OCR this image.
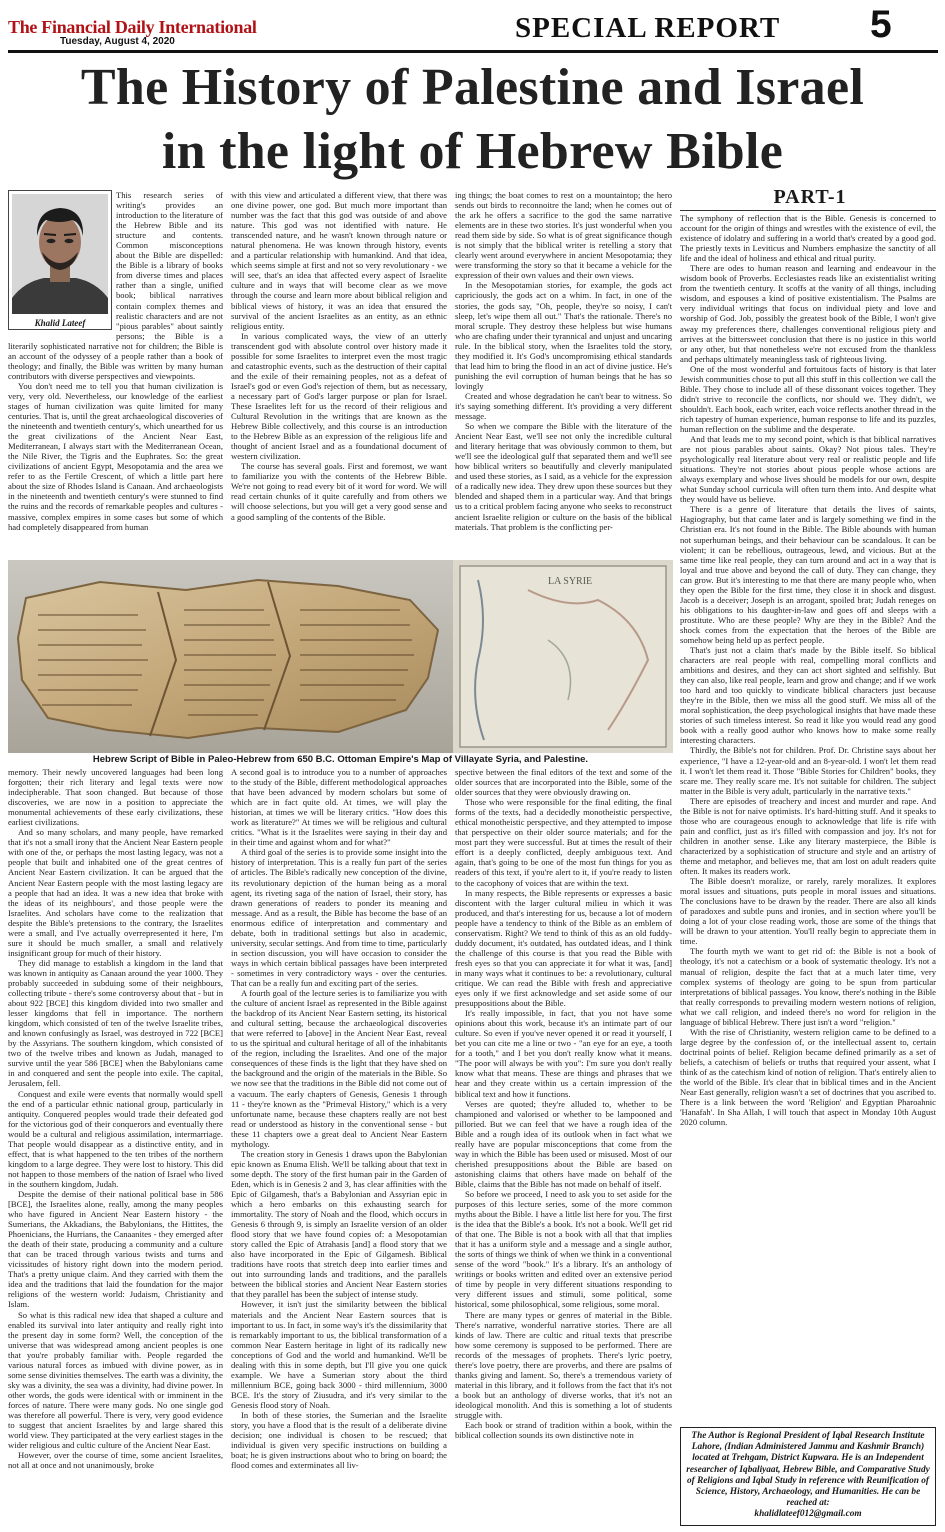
The Financial Daily International
Tuesday, August 4, 2020	SPECIAL REPORT 5
The History of Palestine and Israel
in the light of Hebrew Bible
Khalid Lateef

This research series of writing's provides an introduction to the literature of the Hebrew Bible and its structure and contents. Common misconceptions about the Bible are dispelled: the Bible is a library of books from diverse times and places rather than a single, unified book; biblical narratives contain complex themes and realistic characters and are not "pious parables" about saintly persons; the Bible is a literarily sophisticated narrative not for children; the Bible is an account of the odyssey of a people rather than a book of theology; and finally, the Bible was written by many human contributors with diverse perspectives and viewpoints.

You don't need me to tell you that human civilization is very, very old. Nevertheless, our knowledge of the earliest stages of human civilization was quite limited for many centuries. That is, until the great archaeological discoveries of the nineteenth and twentieth century's, which unearthed for us the great civilizations of the Ancient Near East, Mediterranean, I always start with the Mediterranean Ocean, the Nile River, the Tigris and the Euphrates. So: the great civilizations of ancient Egypt, Mesopotamia and the area we refer to as the Fertile Crescent, of which a little part here about the size of Rhodes Island is Canaan. And archaeologists in the nineteenth and twentieth century's were stunned to find the ruins and the records of remarkable peoples and cultures - massive, complex empires in some cases but some of which had completely disappeared from human

with this view and articulated a different view, that there was one divine power, one god. But much more important than number was the fact that this god was outside of and above nature. This god was not identified with nature. He transcended nature, and he wasn't known through nature or natural phenomena. He was known through history, events and a particular relationship with humankind. And that idea, which seems simple at first and not so very revolutionary - we will see, that's an idea that affected every aspect of Israelite culture and in ways that will become clear as we move through the course and learn more about biblical religion and biblical views of history, it was an idea that ensured the survival of the ancient Israelites as an entity, as an ethnic religious entity.

In various complicated ways, the view of an utterly transcendent god with absolute control over history made it possible for some Israelites to interpret even the most tragic and catastrophic events, such as the destruction of their capital and the exile of their remaining peoples, not as a defeat of Israel's god or even God's rejection of them, but as necessary, a necessary part of God's larger purpose or plan for Israel. These Israelites left for us the record of their religious and Cultural Revolution in the writings that are known as the Hebrew Bible collectively, and this course is an introduction to the Hebrew Bible as an expression of the religious life and thought of ancient Israel and as a foundational document of western civilization.

The course has several goals. First and foremost, we want to familiarize you with the contents of the Hebrew Bible. We're not going to read every bit of it word for word. We will read certain chunks of it quite carefully and from others we will choose selections, but you will get a very good sense and a good sampling of the contents of the Bible.

ing things; the boat comes to rest on a mountaintop; the hero sends out birds to reconnoitre the land; when he comes out of the ark he offers a sacrifice to the god the same narrative elements are in these two stories. It's just wonderful when you read them side by side. So what is of great significance though is not simply that the biblical writer is retelling a story that clearly went around everywhere in ancient Mesopotamia; they were transforming the story so that it became a vehicle for the expression of their own values and their own views.

In the Mesopotamian stories, for example, the gods act capriciously, the gods act on a whim. In fact, in one of the stories, the gods say, "Oh, people, they're so noisy, I can't sleep, let's wipe them all out." That's the rationale. There's no moral scruple. They destroy these helpless but wise humans who are chafing under their tyrannical and unjust and uncaring rule. In the biblical story, when the Israelites told the story, they modified it. It's God's uncompromising ethical standards that lead him to bring the flood in an act of divine justice. He's punishing the evil corruption of human beings that he has so lovingly

Created and whose degradation he can't bear to witness. So it's saying something different. It's providing a very different message.

So when we compare the Bible with the literature of the Ancient Near East, we'll see not only the incredible cultural and literary heritage that was obviously common to them, but we'll see the ideological gulf that separated them and we'll see how biblical writers so beautifully and cleverly manipulated and used these stories, as I said, as a vehicle for the expression of a radically new idea. They drew upon these sources but they blended and shaped them in a particular way. And that brings us to a critical problem facing anyone who seeks to reconstruct ancient Israelite religion or culture on the basis of the biblical materials. That problem is the conflicting per-

PART-1

The symphony of reflection that is the Bible. Genesis is concerned to account for the origin of things and wrestles with the existence of evil, the existence of idolatry and suffering in a world that's created by a good god. The priestly texts in Leviticus and Numbers emphasize the sanctity of all life and the ideal of holiness and ethical and ritual purity.

There are odes to human reason and learning and endeavour in the wisdom book of Proverbs. Ecclesiastes reads like an existentialist writing from the twentieth century. It scoffs at the vanity of all things, including wisdom, and espouses a kind of positive existentialism. The Psalms are very individual writings that focus on individual piety and love and worship of God. Job, possibly the greatest book of the Bible, I won't give away my preferences there, challenges conventional religious piety and arrives at the bittersweet conclusion that there is no justice in this world or any other, but that nonetheless we're not excused from the thankless and perhaps ultimately meaningless task of righteous living.

One of the most wonderful and fortuitous facts of history is that later Jewish communities chose to put all this stuff in this collection we call the Bible. They chose to include all of these dissonant voices together. They didn't strive to reconcile the conflicts, nor should we. They didn't, we shouldn't. Each book, each writer, each voice reflects another thread in the rich tapestry of human experience, human response to life and its puzzles, human reflection on the sublime and the desperate.

And that leads me to my second point, which is that biblical narratives are not pious parables about saints. Okay? Not pious tales. They're psychologically real literature about very real or realistic people and life situations. They're not stories about pious people whose actions are always exemplary and whose lives should be models for our own, despite what Sunday school curricula will often turn them into. And despite what they would have us believe.

There is a genre of literature that details the lives of saints, Hagiography, but that came later and is largely something we find in the Christian era. It's not found in the Bible. The Bible abounds with human not superhuman beings, and their behaviour can be scandalous. It can be violent; it can be rebellious, outrageous, lewd, and vicious. But at the same time like real people, they can turn around and act in a way that is loyal and true above and beyond the call of duty. They can change, they can grow. But it's interesting to me that there are many people who, when they open the Bible for the first time, they close it in shock and disgust. Jacob is a deceiver; Joseph is an arrogant, spoiled brat; Judah reneges on his obligations to his daughter-in-law and goes off and sleeps with a prostitute. Who are these people? Why are they in the Bible? And the shock comes from the expectation that the heroes of the Bible are somehow being held up as perfect people.

That's just not a claim that's made by the Bible itself. So biblical characters are real people with real, compelling moral conflicts and ambitions and desires, and they can act short sighted and selfishly. But they can also, like real people, learn and grow and change; and if we work too hard and too quickly to vindicate biblical characters just because they're in the Bible, then we miss all the good stuff. We miss all of the moral sophistication, the deep psychological insights that have made these stories of such timeless interest. So read it like you would read any good book with a really good author who knows how to make some really interesting characters.

Thirdly, the Bible's not for children. Prof. Dr. Christine says about her experience, "I have a 12-year-old and an 8-year-old. I won't let them read it. I won't let them read it. Those "Bible Stories for Children" books, they scare me. They really scare me. It's not suitable for children. The subject matter in the Bible is very adult, particularly in the narrative texts."

There are episodes of treachery and incest and murder and rape. And the Bible is not for naive optimists. It's hard-hitting stuff. And it speaks to those who are courageous enough to acknowledge that life is rife with pain and conflict, just as it's filled with compassion and joy. It's not for children in another sense. Like any literary masterpiece, the Bible is characterized by a sophistication of structure and style and an artistry of theme and metaphor, and believes me, that am lost on adult readers quite often. It makes its readers work.

The Bible doesn't moralize, or rarely, rarely moralizes. It explores moral issues and situations, puts people in moral issues and situations. The conclusions have to be drawn by the reader. There are also all kinds of paradoxes and subtle puns and ironies, and in section where you'll be doing a lot of your close reading work, those are some of the things that will be drawn to your attention. You'll really begin to appreciate them in time.

The fourth myth we want to get rid of: the Bible is not a book of theology, it's not a catechism or a book of systematic theology. It's not a manual of religion, despite the fact that at a much later time, very complex systems of theology are going to be spun from particular interpretations of biblical passages. You know, there's nothing in the Bible that really corresponds to prevailing modern western notions of religion, what we call religion, and indeed there's no word for religion in the language of biblical Hebrew. There just isn't a word "religion."

With the rise of Christianity, western religion came to be defined to a large degree by the confession of, or the intellectual assent to, certain doctrinal points of belief. Religion became defined primarily as a set of beliefs, a catechism of beliefs or truths that required your assent, what I think of as the catechism kind of notion of religion. That's entirely alien to the world of the Bible. It's clear that in biblical times and in the Ancient Near East generally, religion wasn't a set of doctrines that you ascribed to. There is a link between the word 'Religion' and Egyptian Pharoahnic 'Hanafah'. In Sha Allah, I will touch that aspect in Monday 10th August 2020 column.

LA SYRIE
Hebrew Script of Bible in Paleo-Hebrew from 650 B.C. Ottoman Empire's Map of Villayate Syria, and Palestine.

memory. Their newly uncovered languages had been long forgotten; their rich literary and legal texts were now indecipherable. That soon changed. But because of those discoveries, we are now in a position to appreciate the monumental achievements of these early civilizations, these earliest civilizations.

And so many scholars, and many people, have remarked that it's not a small irony that the Ancient Near Eastern people with one of the, or perhaps the most lasting legacy, was not a people that built and inhabited one of the great centres of Ancient Near Eastern civilization. It can be argued that the Ancient Near Eastern people with the most lasting legacy are a people that had an idea. It was a new idea that broke with the ideas of its neighbours', and those people were the Israelites. And scholars have come to the realization that despite the Bible's pretensions to the contrary, the Israelites were a small, and I've actually overrepresented it here, I'm sure it should be much smaller, a small and relatively insignificant group for much of their history.

They did manage to establish a kingdom in the land that was known in antiquity as Canaan around the year 1000. They probably succeeded in subduing some of their neighbours, collecting tribute - there's some controversy about that - but in about 922 [BCE] this kingdom divided into two smaller and lesser kingdoms that fell in importance. The northern kingdom, which consisted of ten of the twelve Israelite tribes, and known confusingly as Israel, was destroyed in 722 [BCE] by the Assyrians. The southern kingdom, which consisted of two of the twelve tribes and known as Judah, managed to survive until the year 586 [BCE] when the Babylonians came in and conquered and sent the people into exile. The capital, Jerusalem, fell.

Conquest and exile were events that normally would spell the end of a particular ethnic national group, particularly in antiquity. Conquered peoples would trade their defeated god for the victorious god of their conquerors and eventually there would be a cultural and religious assimilation, intermarriage. That people would disappear as a distinctive entity, and in effect, that is what happened to the ten tribes of the northern kingdom to a large degree. They were lost to history. This did not happen to those members of the nation of Israel who lived in the southern kingdom, Judah.

Despite the demise of their national political base in 586 [BCE], the Israelites alone, really, among the many peoples who have figured in Ancient Near Eastern history - the Sumerians, the Akkadians, the Babylonians, the Hittites, the Phoenicians, the Hurrians, the Canaanites - they emerged after the death of their state, producing a community and a culture that can be traced through various twists and turns and vicissitudes of history right down into the modern period. That's a pretty unique claim. And they carried with them the idea and the traditions that laid the foundation for the major religions of the western world: Judaism, Christianity and Islam.

So what is this radical new idea that shaped a culture and enabled its survival into later antiquity and really right into the present day in some form? Well, the conception of the universe that was widespread among ancient peoples is one that you're probably familiar with. People regarded the various natural forces as imbued with divine power, as in some sense divinities themselves. The earth was a divinity, the sky was a divinity, the sea was a divinity, had divine power. In other words, the gods were identical with or imminent in the forces of nature. There were many gods. No one single god was therefore all powerful. There is very, very good evidence to suggest that ancient Israelites by and large shared this world view. They participated at the very earliest stages in the wider religious and cultic culture of the Ancient Near East.

However, over the course of time, some ancient Israelites, not all at once and not unanimously, broke

A second goal is to introduce you to a number of approaches to the study of the Bible, different methodological approaches that have been advanced by modern scholars but some of which are in fact quite old. At times, we will play the historian, at times we will be literary critics. "How does this work as literature?" At times we will be religious and cultural critics. "What is it the Israelites were saying in their day and in their time and against whom and for what?"

A third goal of the series is to provide some insight into the history of interpretation. This is a really fun part of the series of articles. The Bible's radically new conception of the divine, its revolutionary depiction of the human being as a moral agent, its riveting saga of the nation of Israel, their story, has drawn generations of readers to ponder its meaning and message. And as a result, the Bible has become the base of an enormous edifice of interpretation and commentary and debate, both in traditional settings but also in academic, university, secular settings. And from time to time, particularly in section discussion, you will have occasion to consider the ways in which certain biblical passages have been interpreted - sometimes in very contradictory ways - over the centuries. That can be a really fun and exciting part of the series.

A fourth goal of the lecture series is to familiarize you with the culture of ancient Israel as represented in the Bible against the backdrop of its Ancient Near Eastern setting, its historical and cultural setting, because the archaeological discoveries that were referred to [above] in the Ancient Near East, reveal to us the spiritual and cultural heritage of all of the inhabitants of the region, including the Israelites. And one of the major consequences of these finds is the light that they have shed on the background and the origin of the materials in the Bible. So we now see that the traditions in the Bible did not come out of a vacuum. The early chapters of Genesis, Genesis 1 through 11 - they're known as the "Primeval History," which is a very unfortunate name, because these chapters really are not best read or understood as history in the conventional sense - but these 11 chapters owe a great deal to Ancient Near Eastern mythology.

The creation story in Genesis 1 draws upon the Babylonian epic known as Enuma Elish. We'll be talking about that text in some depth. The story of the first human pair in the Garden of Eden, which is in Genesis 2 and 3, has clear affinities with the Epic of Gilgamesh, that's a Babylonian and Assyrian epic in which a hero embarks on this exhausting search for immortality. The story of Noah and the flood, which occurs in Genesis 6 through 9, is simply an Israelite version of an older flood story that we have found copies of: a Mesopotamian story called the Epic of Atrahasis [and] a flood story that we also have incorporated in the Epic of Gilgamesh. Biblical traditions have roots that stretch deep into earlier times and out into surrounding lands and traditions, and the parallels between the biblical stories and Ancient Near Eastern stories that they parallel has been the subject of intense study.

However, it isn't just the similarity between the biblical materials and the Ancient Near Eastern sources that is important to us. In fact, in some way's it's the dissimilarity that is remarkably important to us, the biblical transformation of a common Near Eastern heritage in light of its radically new conceptions of God and the world and humankind. We'll be dealing with this in some depth, but I'll give you one quick example. We have a Sumerian story about the third millennium BCE, going back 3000 - third millennium, 3000 BCE. It's the story of Ziusudra, and it's very similar to the Genesis flood story of Noah.

In both of these stories, the Sumerian and the Israelite story, you have a flood that is the result of a deliberate divine decision; one individual is chosen to be rescued; that individual is given very specific instructions on building a boat; he is given instructions about who to bring on board; the flood comes and exterminates all liv-

spective between the final editors of the text and some of the older sources that are incorporated into the Bible, some of the older sources that they were obviously drawing on.

Those who were responsible for the final editing, the final forms of the texts, had a decidedly monotheistic perspective, ethical monotheistic perspective, and they attempted to impose that perspective on their older source materials; and for the most part they were successful. But at times the result of their effort is a deeply conflicted, deeply ambiguous text. And again, that's going to be one of the most fun things for you as readers of this text, if you're alert to it, if you're ready to listen to the cacophony of voices that are within the text.

In many respects, the Bible represents or expresses a basic discontent with the larger cultural milieu in which it was produced, and that's interesting for us, because a lot of modern people have a tendency to think of the Bible as an emblem of conservatism. Right? We tend to think of this as an old fuddy-duddy document, it's outdated, has outdated ideas, and I think the challenge of this course is that you read the Bible with fresh eyes so that you can appreciate it for what it was, [and] in many ways what it continues to be: a revolutionary, cultural critique. We can read the Bible with fresh and appreciative eyes only if we first acknowledge and set aside some of our presuppositions about the Bible.

It's really impossible, in fact, that you not have some opinions about this work, because it's an intimate part of our culture. So even if you've never opened it or read it yourself, I bet you can cite me a line or two - "an eye for an eye, a tooth for a tooth," and I bet you don't really know what it means. "The poor will always be with you": I'm sure you don't really know what that means. These are things and phrases that we hear and they create within us a certain impression of the biblical text and how it functions.

Verses are quoted; they're alluded to, whether to be championed and valorised or whether to be lampooned and pilloried. But we can feel that we have a rough idea of the Bible and a rough idea of its outlook when in fact what we really have are popular misconceptions that come from the way in which the Bible has been used or misused. Most of our cherished presuppositions about the Bible are based on astonishing claims that others have made on behalf of the Bible, claims that the Bible has not made on behalf of itself.

So before we proceed, I need to ask you to set aside for the purposes of this lecture series, some of the more common myths about the Bible. I have a little list here for you. The first is the idea that the Bible's a book. It's not a book. We'll get rid of that one. The Bible is not a book with all that that implies that it has a uniform style and a message and a single author, the sorts of things we think of when we think in a conventional sense of the word "book." It's a library. It's an anthology of writings or books written and edited over an extensive period of time by people in very different situations responding to very different issues and stimuli, some political, some historical, some philosophical, some religious, some moral.

There are many types or genres of material in the Bible. There's narrative, wonderful narrative stories. There are all kinds of law. There are cultic and ritual texts that prescribe how some ceremony is supposed to be performed. There are records of the messages of prophets. There's lyric poetry, there's love poetry, there are proverbs, and there are psalms of thanks giving and lament. So, there's a tremendous variety of material in this library, and it follows from the fact that it's not a book but an anthology of diverse works, that it's not an ideological monolith. And this is something a lot of students struggle with.

Each book or strand of tradition within a book, within the biblical collection sounds its own distinctive note in	The Author is Regional President of Iqbal Research Institute Lahore, (Indian Administered Jammu and Kashmir Branch) located at Trehgam, District Kupwara. He is an Independent researcher of Iqbaliyaat, Hebrew Bible, and Comparative Study of Religions and Iqbal Study in reference with Reunification of Science, History, Archaeology, and Humanities. He can be reached at:
khalidlateef012@gmail.com
